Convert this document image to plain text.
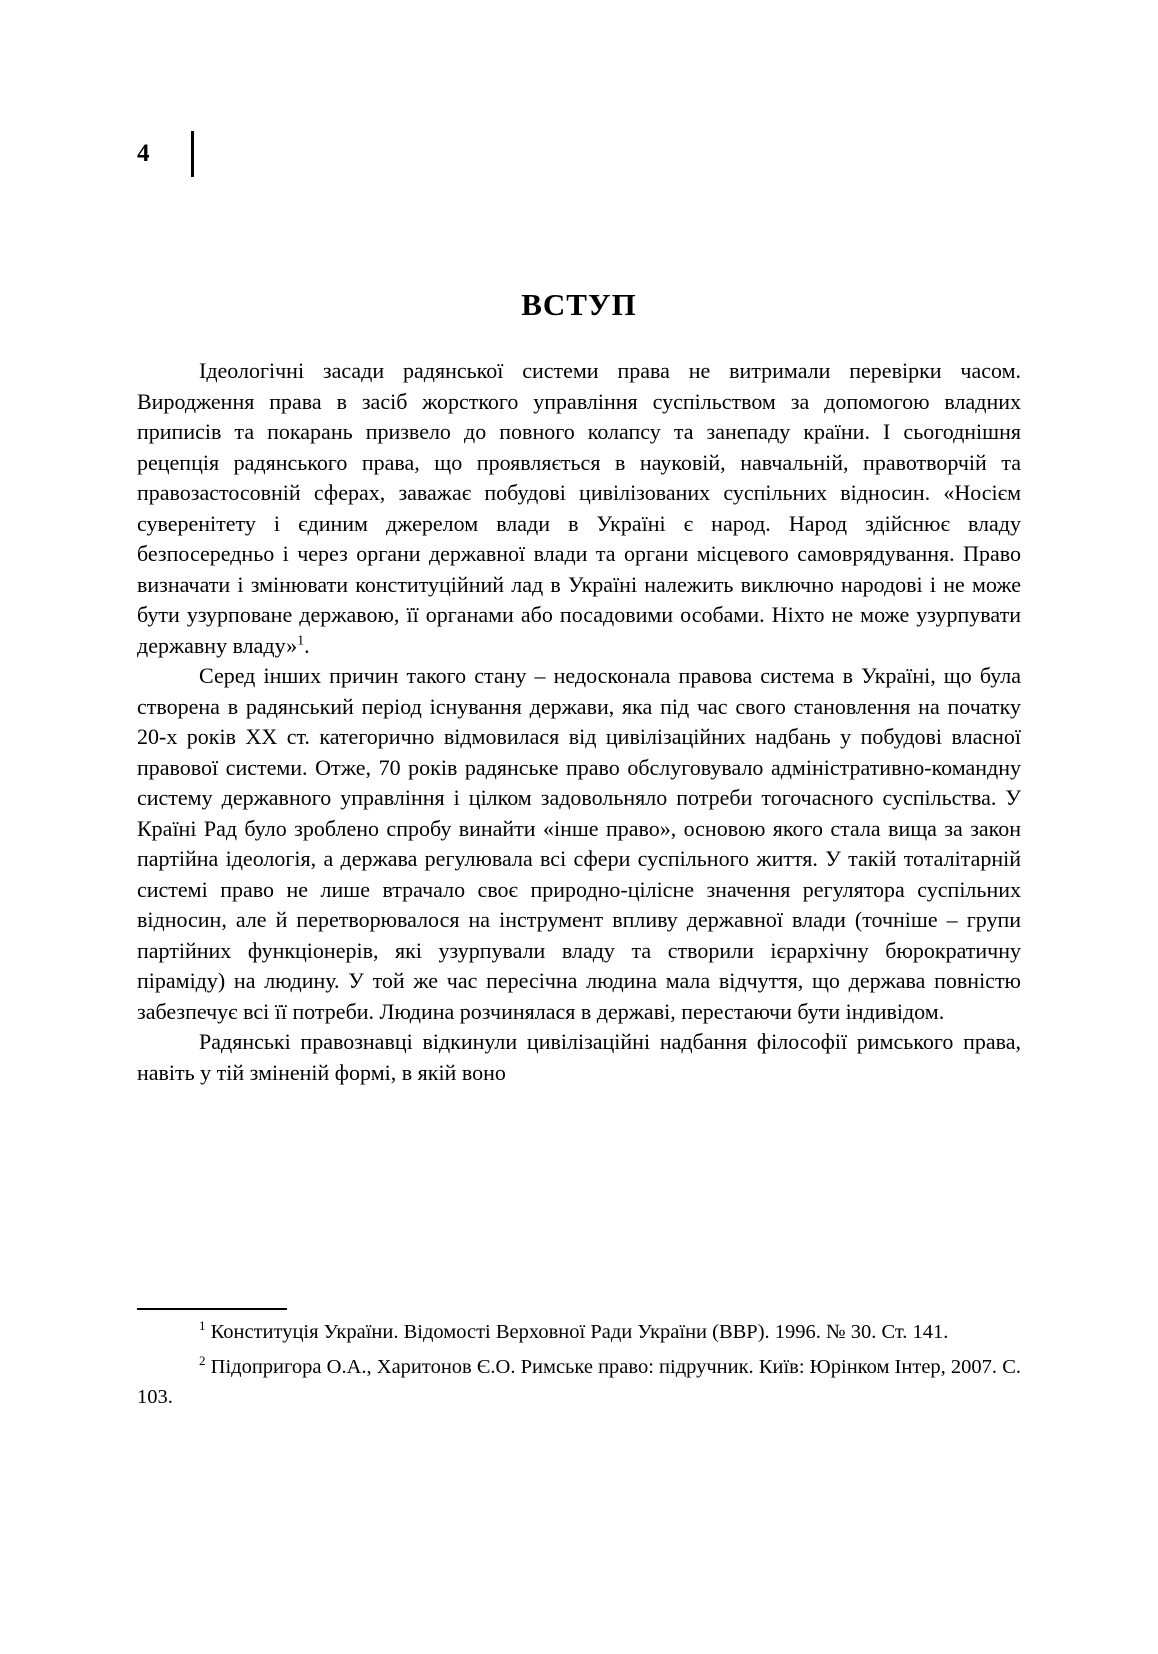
4
ВСТУП

Ідеологічні засади радянської системи права не витримали перевірки часом. Виродження права в засіб жорсткого управління суспільством за допомогою владних приписів та покарань призвело до повного колапсу та занепаду країни. І сьогоднішня рецепція радянського права, що проявляється в науковій, навчальній, правотворчій та правозастосовній сферах, заважає побудові цивілізованих суспільних відносин. «Носієм суверенітету і єдиним джерелом влади в Україні є народ. Народ здійснює владу безпосередньо і через органи державної влади та органи місцевого самоврядування. Право визначати і змінювати конституційний лад в Україні належить виключно народові і не може бути узурповане державою, її органами або посадовими особами. Ніхто не може узурпувати державну владу»$^1$.

Серед інших причин такого стану – недосконала правова система в Україні, що була створена в радянський період існування держави, яка під час свого становлення на початку 20-х років ХХ ст. категорично відмовилася від цивілізаційних надбань у побудові власної правової системи. Отже, 70 років радянське право обслуговувало адміністративно-командну систему державного управління і цілком задовольняло потреби тогочасного суспільства. У Країні Рад було зроблено спробу винайти «інше право», основою якого стала вища за закон партійна ідеологія, а держава регулювала всі сфери суспільного життя. У такій тоталітарній системі право не лише втрачало своє природно-цілісне значення регулятора суспільних відносин, але й перетворювалося на інструмент впливу державної влади (точніше – групи партійних функціонерів, які узурпували владу та створили ієрархічну бюрократичну піраміду) на людину. У той же час пересічна людина мала відчуття, що держава повністю забезпечує всі її потреби. Людина розчинялася в державі, перестаючи бути індивідом.

Радянські правознавці відкинули цивілізаційні надбання філософії римського права, навіть у тій зміненій формі, в якій воно

$^1$ Конституція України. Відомості Верховної Ради України (ВВР). 1996. № 30. Ст. 141.

$^2$ Підопригора О.А., Харитонов Є.О. Римське право: підручник. Київ: Юрінком Інтер, 2007. С. 103.
